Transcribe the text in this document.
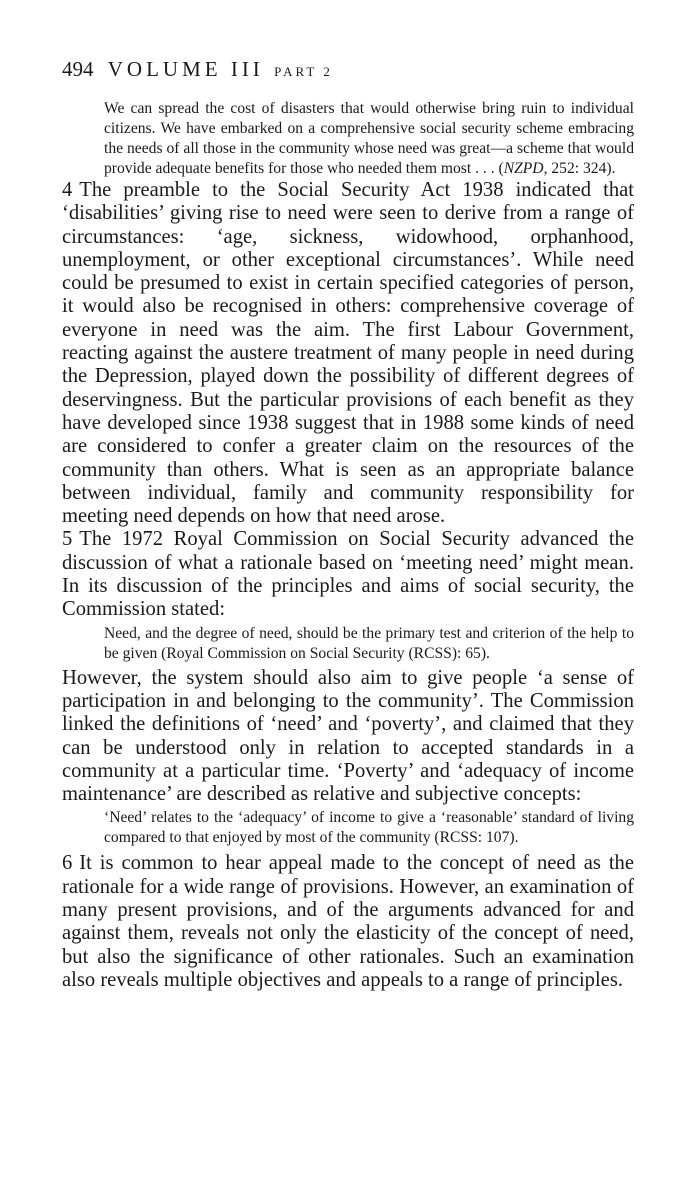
494 VOLUME III PART 2
We can spread the cost of disasters that would otherwise bring ruin to individual citizens. We have embarked on a comprehensive social security scheme embracing the needs of all those in the community whose need was great—a scheme that would provide adequate benefits for those who needed them most . . . (NZPD, 252: 324).
4 The preamble to the Social Security Act 1938 indicated that ‘disabilities’ giving rise to need were seen to derive from a range of circumstances: ‘age, sickness, widowhood, orphanhood, unemployment, or other exceptional circumstances’. While need could be presumed to exist in certain specified categories of person, it would also be recognised in others: comprehensive coverage of everyone in need was the aim. The first Labour Government, reacting against the austere treatment of many people in need during the Depression, played down the possibility of different degrees of deservingness. But the particular provisions of each benefit as they have developed since 1938 suggest that in 1988 some kinds of need are considered to confer a greater claim on the resources of the community than others. What is seen as an appropriate balance between individual, family and community responsibility for meeting need depends on how that need arose.
5 The 1972 Royal Commission on Social Security advanced the discussion of what a rationale based on ‘meeting need’ might mean. In its discussion of the principles and aims of social security, the Commission stated:
Need, and the degree of need, should be the primary test and criterion of the help to be given (Royal Commission on Social Security (RCSS): 65).
However, the system should also aim to give people ‘a sense of participation in and belonging to the community’. The Commission linked the definitions of ‘need’ and ‘poverty’, and claimed that they can be understood only in relation to accepted standards in a community at a particular time. ‘Poverty’ and ‘adequacy of income maintenance’ are described as relative and subjective concepts:
‘Need’ relates to the ‘adequacy’ of income to give a ‘reasonable’ standard of living compared to that enjoyed by most of the community (RCSS: 107).
6 It is common to hear appeal made to the concept of need as the rationale for a wide range of provisions. However, an examination of many present provisions, and of the arguments advanced for and against them, reveals not only the elasticity of the concept of need, but also the significance of other rationales. Such an examination also reveals multiple objectives and appeals to a range of principles.
